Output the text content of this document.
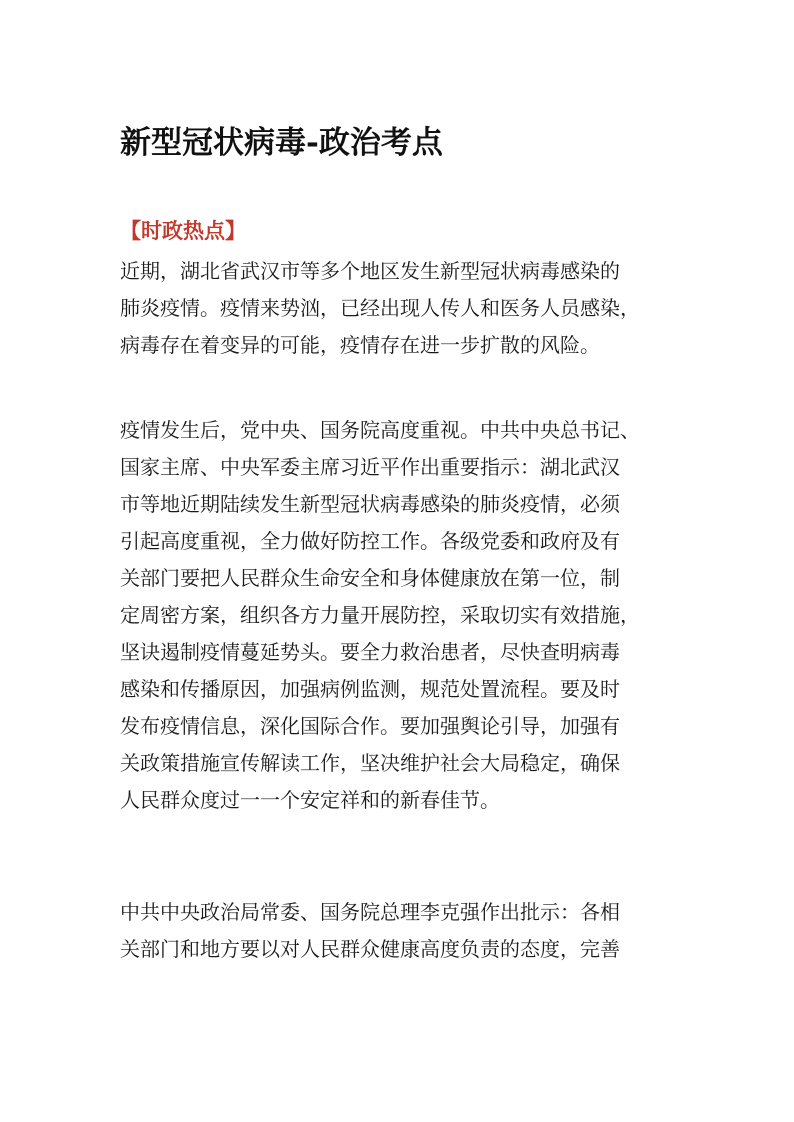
新型冠状病毒-政治考点
【时政热点】

近期，湖北省武汉市等多个地区发生新型冠状病毒感染的
肺炎疫情。疫情来势汹，已经出现人传人和医务人员感染，
病毒存在着变异的可能，疫情存在进一步扩散的风险。

疫情发生后，党中央、国务院高度重视。中共中央总书记、
国家主席、中央军委主席习近平作出重要指示：湖北武汉
市等地近期陆续发生新型冠状病毒感染的肺炎疫情，必须
引起高度重视，全力做好防控工作。各级党委和政府及有
关部门要把人民群众生命安全和身体健康放在第一位，制
定周密方案，组织各方力量开展防控，采取切实有效措施，
坚诀遏制疫情蔓延势头。要全力救治患者，尽快查明病毒
感染和传播原因，加强病例监测，规范处置流程。要及时
发布疫情信息，深化国际合作。要加强舆论引导，加强有
关政策措施宣传解读工作，坚决维护社会大局稳定，确保
人民群众度过一一个安定祥和的新春佳节。

中共中央政治局常委、国务院总理李克强作出批示：各相
关部门和地方要以对人民群众健康高度负责的态度，完善
